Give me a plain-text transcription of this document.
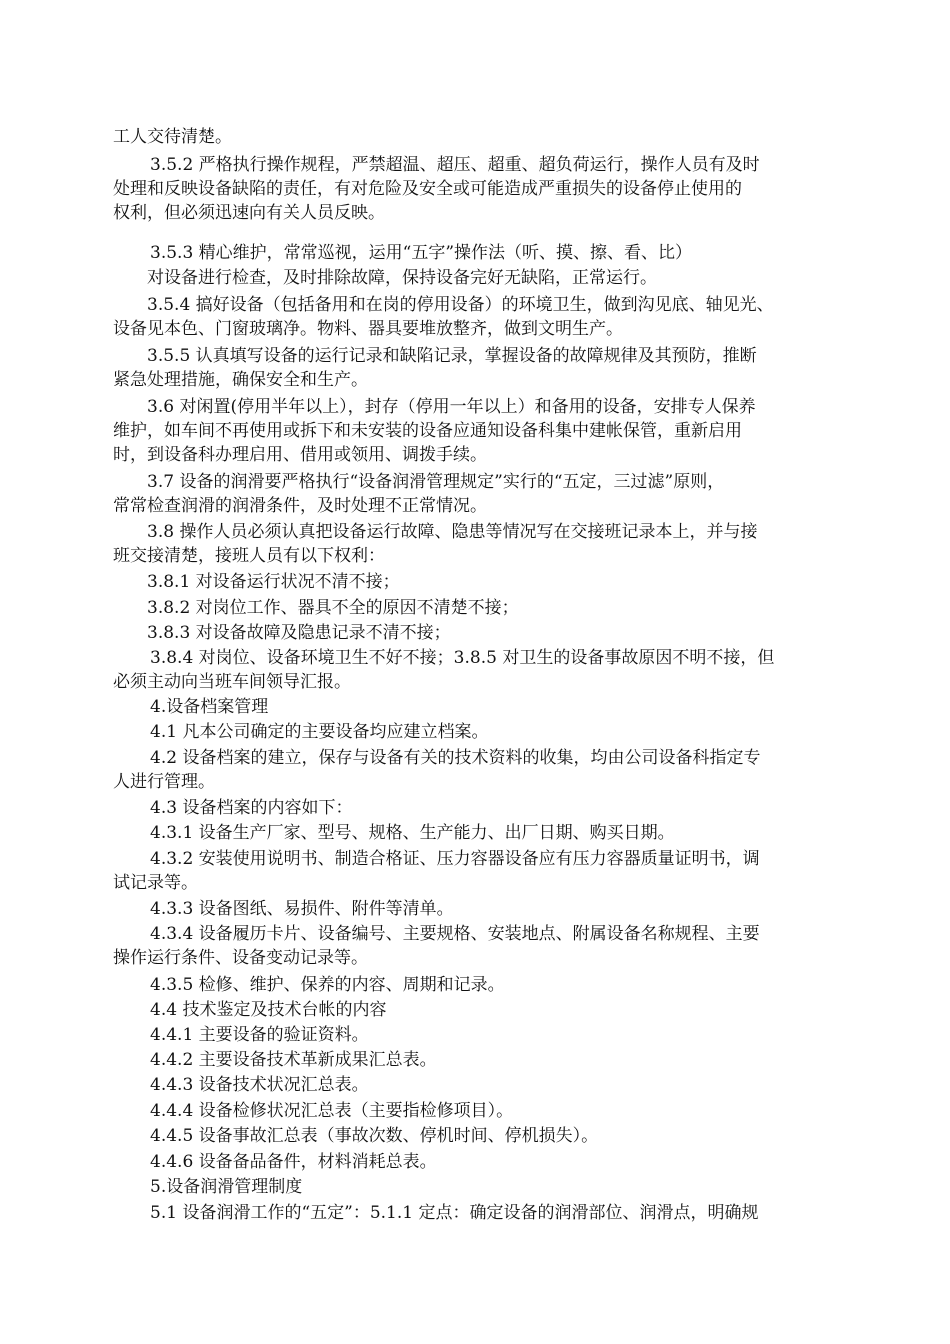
工人交待清楚。
3.5.2 严格执行操作规程，严禁超温、超压、超重、超负荷运行，操作人员有及时
处理和反映设备缺陷的责任，有对危险及安全或可能造成严重损失的设备停止使用的
权利，但必须迅速向有关人员反映。
3.5.3 精心维护，常常巡视，运用“五字”操作法（听、摸、擦、看、比）
对设备进行检查，及时排除故障，保持设备完好无缺陷，正常运行。
3.5.4 搞好设备（包括备用和在岗的停用设备）的环境卫生，做到沟见底、轴见光、
设备见本色、门窗玻璃净。物料、器具要堆放整齐，做到文明生产。
3.5.5 认真填写设备的运行记录和缺陷记录，掌握设备的故障规律及其预防，推断
紧急处理措施，确保安全和生产。
3.6 对闲置(停用半年以上），封存（停用一年以上）和备用的设备，安排专人保养
维护，如车间不再使用或拆下和未安装的设备应通知设备科集中建帐保管，重新启用
时，到设备科办理启用、借用或领用、调拨手续。
3.7 设备的润滑要严格执行“设备润滑管理规定”实行的“五定，三过滤”原则，
常常检查润滑的润滑条件，及时处理不正常情况。
3.8 操作人员必须认真把设备运行故障、隐患等情况写在交接班记录本上，并与接
班交接清楚，接班人员有以下权利：
3.8.1 对设备运行状况不清不接；
3.8.2 对岗位工作、器具不全的原因不清楚不接；
3.8.3 对设备故障及隐患记录不清不接；
3.8.4 对岗位、设备环境卫生不好不接；3.8.5 对卫生的设备事故原因不明不接，但
必须主动向当班车间领导汇报。
4.设备档案管理
4.1 凡本公司确定的主要设备均应建立档案。
4.2 设备档案的建立，保存与设备有关的技术资料的收集，均由公司设备科指定专
人进行管理。
4.3 设备档案的内容如下：
4.3.1 设备生产厂家、型号、规格、生产能力、出厂日期、购买日期。
4.3.2 安装使用说明书、制造合格证、压力容器设备应有压力容器质量证明书，调
试记录等。
4.3.3 设备图纸、易损件、附件等清单。
4.3.4 设备履历卡片、设备编号、主要规格、安装地点、附属设备名称规程、主要
操作运行条件、设备变动记录等。
4.3.5 检修、维护、保养的内容、周期和记录。
4.4 技术鉴定及技术台帐的内容
4.4.1 主要设备的验证资料。
4.4.2 主要设备技术革新成果汇总表。
4.4.3 设备技术状况汇总表。
4.4.4 设备检修状况汇总表（主要指检修项目）。
4.4.5 设备事故汇总表（事故次数、停机时间、停机损失）。
4.4.6 设备备品备件，材料消耗总表。
5.设备润滑管理制度
5.1 设备润滑工作的“五定”：5.1.1 定点：确定设备的润滑部位、润滑点，明确规
